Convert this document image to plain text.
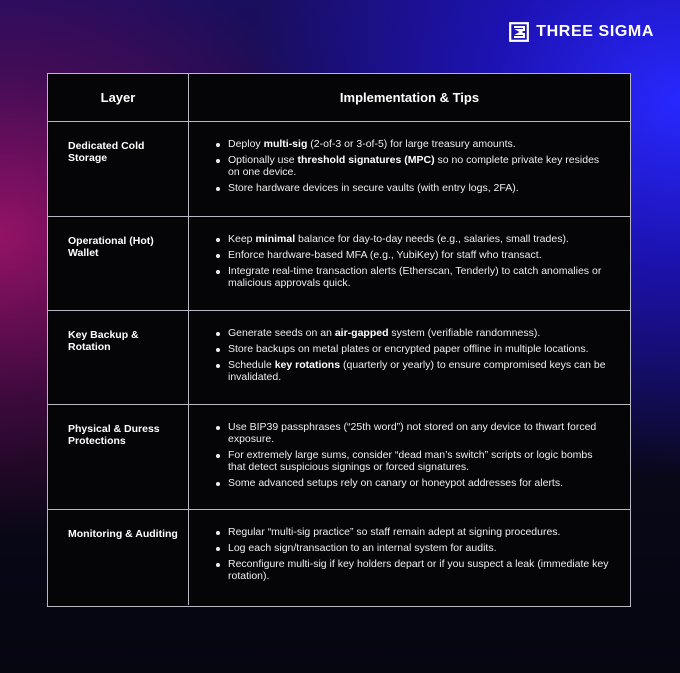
THREE SIGMA
Layer	Implementation & Tips
Dedicated Cold Storage
Deploy multi-sig (2-of-3 or 3-of-5) for large treasury amounts.
Optionally use threshold signatures (MPC) so no complete private key resides on one device.
Store hardware devices in secure vaults (with entry logs, 2FA).
Operational (Hot) Wallet
Keep minimal balance for day-to-day needs (e.g., salaries, small trades).
Enforce hardware-based MFA (e.g., YubiKey) for staff who transact.
Integrate real-time transaction alerts (Etherscan, Tenderly) to catch anomalies or malicious approvals quick.
Key Backup & Rotation
Generate seeds on an air-gapped system (verifiable randomness).
Store backups on metal plates or encrypted paper offline in multiple locations.
Schedule key rotations (quarterly or yearly) to ensure compromised keys can be invalidated.
Physical & Duress Protections
Use BIP39 passphrases (“25th word”) not stored on any device to thwart forced exposure.
For extremely large sums, consider “dead man’s switch” scripts or logic bombs that detect suspicious signings or forced signatures.
Some advanced setups rely on canary or honeypot addresses for alerts.
Monitoring & Auditing	Regular “multi-sig practice” so staff remain adept at signing procedures.
Log each sign/transaction to an internal system for audits.
Reconfigure multi-sig if key holders depart or if you suspect a leak (immediate key rotation).
